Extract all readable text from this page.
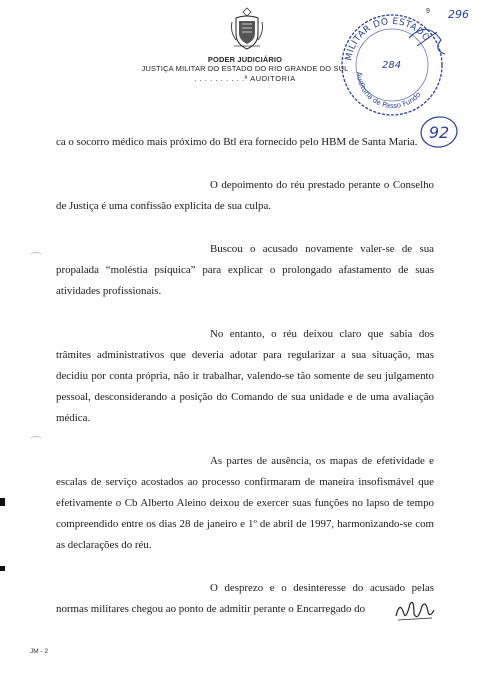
PODER JUDICIÁRIO
JUSTIÇA MILITAR DO ESTADO DO RIO GRANDE DO SUL
. . . . . . . . . .ª AUDITORIA
9 296
MILITAR DO ESTADO
Auditoria de Passo Fundo
284
92

ca o socorro médico mais próximo do Btl era fornecido pelo HBM de Santa Maria.

O depoimento do réu prestado perante o Conselho de Justiça é uma confissão explícita de sua culpa.

Buscou o acusado novamente valer-se de sua propalada “moléstia psíquica” para explicar o prolongado afastamento de suas atividades profissionais.

No entanto, o réu deixou claro que sabia dos trâmites administrativos que deveria adotar para regularizar a sua situação, mas decidiu por conta própria, não ir trabalhar, valendo-se tão somente de seu julgamento pessoal, desconsiderando a posição do Comando de sua unidade e de uma avaliação médica.

As partes de ausência, os mapas de efetividade e escalas de serviço acostados ao processo confirmaram de maneira insofismável que efetivamente o Cb Alberto Aleino deixou de exercer suas funções no lapso de tempo compreendido entre os dias 28 de janeiro e 1º de abril de 1997, harmonizando-se com as declarações do réu.

O desprezo e o desinteresse do acusado pelas normas militares chegou ao ponto de admitir perante o Encarregado do

JM - 2
